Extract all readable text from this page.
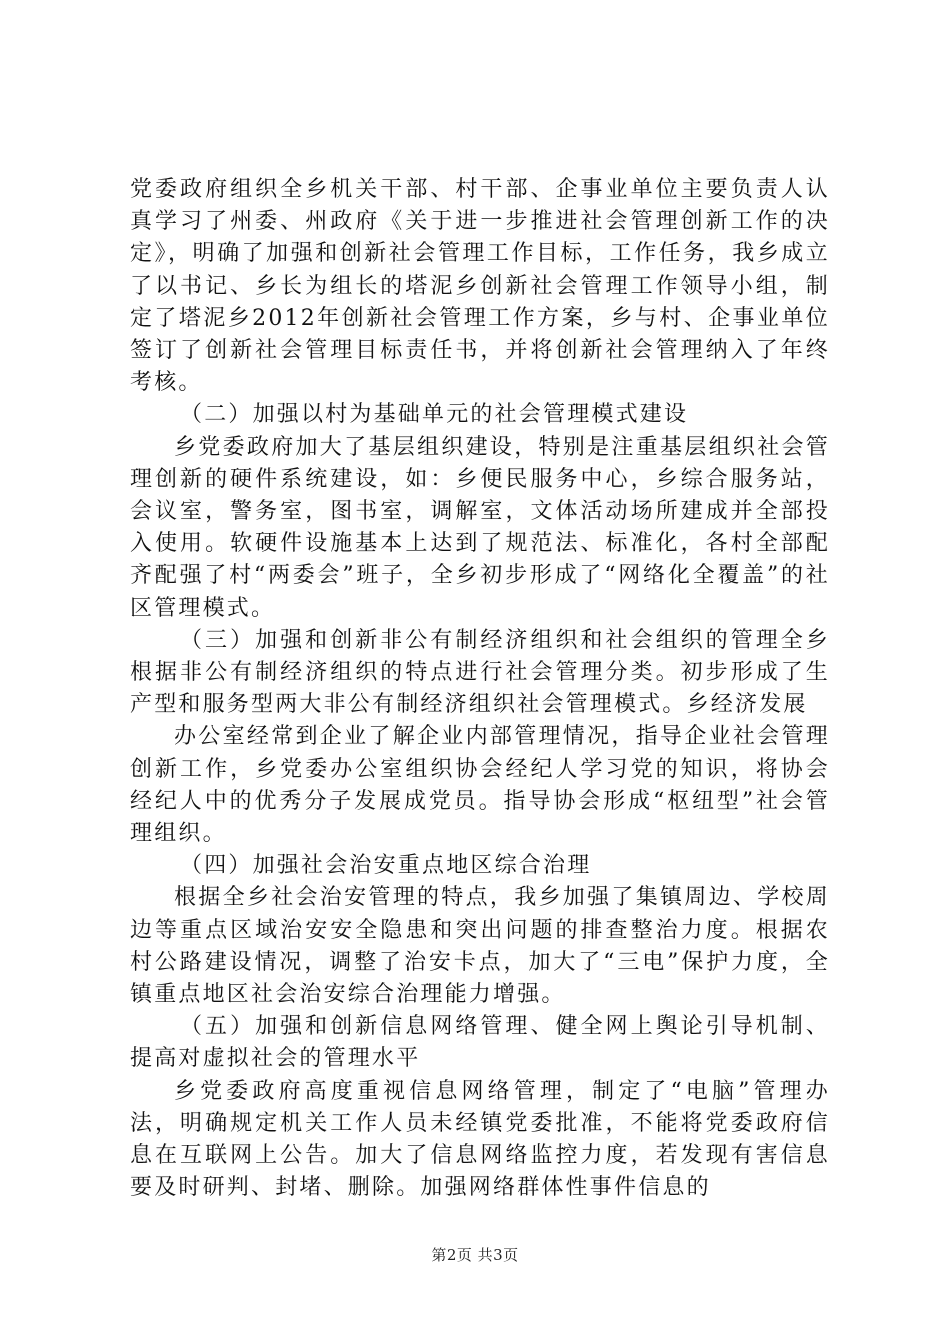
党委政府组织全乡机关干部、村干部、企事业单位主要负责人认真学习了州委、州政府《关于进一步推进社会管理创新工作的决定》，明确了加强和创新社会管理工作目标，工作任务，我乡成立了以书记、乡长为组长的塔泥乡创新社会管理工作领导小组，制定了塔泥乡2012年创新社会管理工作方案，乡与村、企事业单位签订了创新社会管理目标责任书，并将创新社会管理纳入了年终考核。

（二）加强以村为基础单元的社会管理模式建设

乡党委政府加大了基层组织建设，特别是注重基层组织社会管理创新的硬件系统建设，如：乡便民服务中心，乡综合服务站，会议室，警务室，图书室，调解室，文体活动场所建成并全部投入使用。软硬件设施基本上达到了规范法、标准化，各村全部配齐配强了村“两委会”班子，全乡初步形成了“网络化全覆盖”的社区管理模式。

（三）加强和创新非公有制经济组织和社会组织的管理全乡根据非公有制经济组织的特点进行社会管理分类。初步形成了生产型和服务型两大非公有制经济组织社会管理模式。乡经济发展

办公室经常到企业了解企业内部管理情况，指导企业社会管理创新工作，乡党委办公室组织协会经纪人学习党的知识，将协会经纪人中的优秀分子发展成党员。指导协会形成“枢纽型”社会管理组织。

（四）加强社会治安重点地区综合治理

根据全乡社会治安管理的特点，我乡加强了集镇周边、学校周边等重点区域治安安全隐患和突出问题的排查整治力度。根据农村公路建设情况，调整了治安卡点，加大了“三电”保护力度，全镇重点地区社会治安综合治理能力增强。

（五）加强和创新信息网络管理、健全网上舆论引导机制、提高对虚拟社会的管理水平

乡党委政府高度重视信息网络管理，制定了“电脑”管理办法，明确规定机关工作人员未经镇党委批准，不能将党委政府信息在互联网上公告。加大了信息网络监控力度，若发现有害信息要及时研判、封堵、删除。加强网络群体性事件信息的

第2页 共3页
